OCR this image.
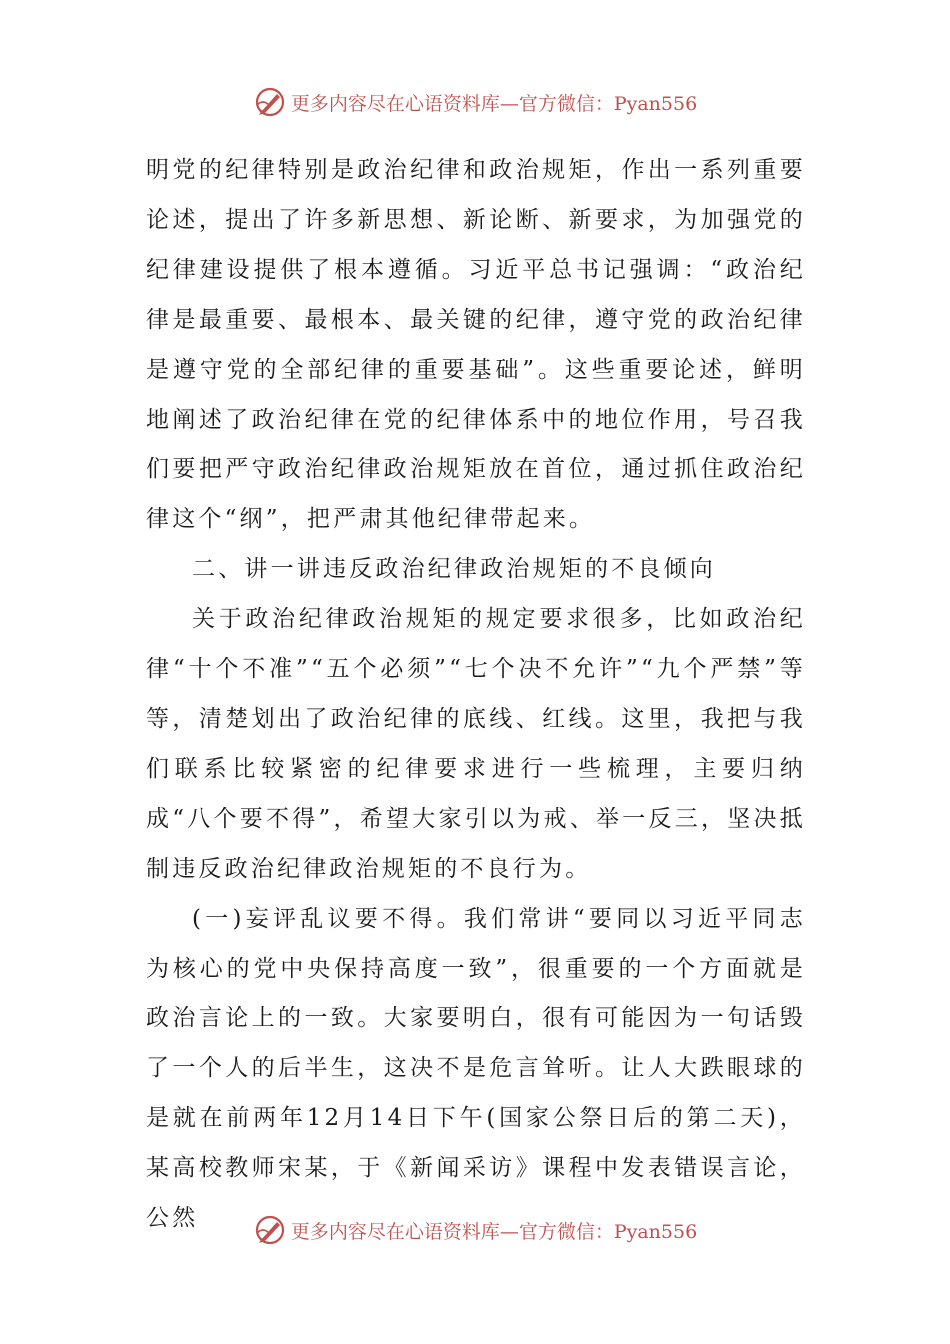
更多内容尽在心语资料库—官方微信：Pyan556

明党的纪律特别是政治纪律和政治规矩，作出一系列重要论述，提出了许多新思想、新论断、新要求，为加强党的纪律建设提供了根本遵循。习近平总书记强调：“政治纪律是最重要、最根本、最关键的纪律，遵守党的政治纪律是遵守党的全部纪律的重要基础”。这些重要论述，鲜明地阐述了政治纪律在党的纪律体系中的地位作用，号召我们要把严守政治纪律政治规矩放在首位，通过抓住政治纪律这个“纲”，把严肃其他纪律带起来。

二、讲一讲违反政治纪律政治规矩的不良倾向

关于政治纪律政治规矩的规定要求很多，比如政治纪律“十个不准”“五个必须”“七个决不允许”“九个严禁”等等，清楚划出了政治纪律的底线、红线。这里，我把与我们联系比较紧密的纪律要求进行一些梳理，主要归纳成“八个要不得”，希望大家引以为戒、举一反三，坚决抵制违反政治纪律政治规矩的不良行为。

(一)妄评乱议要不得。我们常讲“要同以习近平同志为核心的党中央保持高度一致”，很重要的一个方面就是政治言论上的一致。大家要明白，很有可能因为一句话毁了一个人的后半生，这决不是危言耸听。让人大跌眼球的是就在前两年12月14日下午(国家公祭日后的第二天)，某高校教师宋某，于《新闻采访》课程中发表错误言论，公然

更多内容尽在心语资料库—官方微信：Pyan556
